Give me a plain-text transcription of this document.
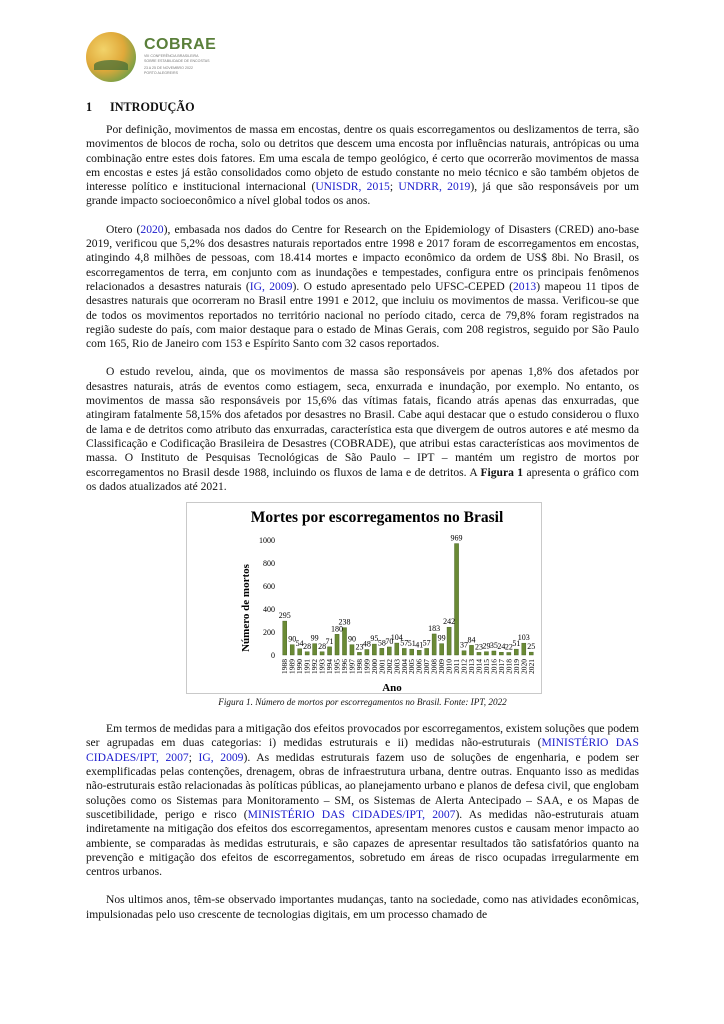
COBRAE
VIII CONFERÊNCIA BRASILEIRA
SOBRE ESTABILIDADE DE ENCOSTAS
23 A 25 DE NOVEMBRO 2022
PORTO ALEGRE/RS
1 INTRODUÇÃO

Por definição, movimentos de massa em encostas, dentre os quais escorregamentos ou deslizamentos de terra, são movimentos de blocos de rocha, solo ou detritos que descem uma encosta por influências naturais, antrópicas ou uma combinação entre estes dois fatores. Em uma escala de tempo geológico, é certo que ocorrerão movimentos de massa em encostas e estes já estão consolidados como objeto de estudo constante no meio técnico e são também objetos de interesse político e institucional internacional (UNISDR, 2015; UNDRR, 2019), já que são responsáveis por um grande impacto socioeconômico a nível global todos os anos.

Otero (2020), embasada nos dados do Centre for Research on the Epidemiology of Disasters (CRED) ano-base 2019, verificou que 5,2% dos desastres naturais reportados entre 1998 e 2017 foram de escorregamentos em encostas, atingindo 4,8 milhões de pessoas, com 18.414 mortes e impacto econômico da ordem de US$ 8bi. No Brasil, os escorregamentos de terra, em conjunto com as inundações e tempestades, configura entre os principais fenômenos relacionados a desastres naturais (IG, 2009). O estudo apresentado pelo UFSC-CEPED (2013) mapeou 11 tipos de desastres naturais que ocorreram no Brasil entre 1991 e 2012, que incluiu os movimentos de massa. Verificou-se que de todos os movimentos reportados no território nacional no período citado, cerca de 79,8% foram registrados na região sudeste do país, com maior destaque para o estado de Minas Gerais, com 208 registros, seguido por São Paulo com 165, Rio de Janeiro com 153 e Espírito Santo com 32 casos reportados.

O estudo revelou, ainda, que os movimentos de massa são responsáveis por apenas 1,8% dos afetados por desastres naturais, atrás de eventos como estiagem, seca, enxurrada e inundação, por exemplo. No entanto, os movimentos de massa são responsáveis por 15,6% das vítimas fatais, ficando atrás apenas das enxurradas, que atingiram fatalmente 58,15% dos afetados por desastres no Brasil. Cabe aqui destacar que o estudo considerou o fluxo de lama e de detritos como atributo das enxurradas, característica esta que divergem de outros autores e até mesmo da Classificação e Codificação Brasileira de Desastres (COBRADE), que atribui estas características aos movimentos de massa. O Instituto de Pesquisas Tecnológicas de São Paulo – IPT – mantém um registro de mortos por escorregamentos no Brasil desde 1988, incluindo os fluxos de lama e de detritos. A Figura 1 apresenta o gráfico com os dados atualizados até 2021.

Mortes por escorregamentos no Brasil
Número de mortos
Ano
0
200
400
600
800
1000
295
90 54 28
99
28
71
180
238
90
23 48
95 58 70
104
57 51 41 57
183
99
242
969
37
84
23 29 35 24 22 51
103
25
1988
1989
1990
1991
1992
1993
1994
1995
1996
1997
1998
1999
2000
2001
2002
2003
2004
2005
2006
2007
2008
2009
2010
2011
2012
2013
2014
2015
2016
2017
2018
2019
2020
2021

Figura 1. Número de mortos por escorregamentos no Brasil. Fonte: IPT, 2022

Em termos de medidas para a mitigação dos efeitos provocados por escorregamentos, existem soluções que podem ser agrupadas em duas categorias: i) medidas estruturais e ii) medidas não-estruturais (MINISTÉRIO DAS CIDADES/IPT, 2007; IG, 2009). As medidas estruturais fazem uso de soluções de engenharia, e podem ser exemplificadas pelas contenções, drenagem, obras de infraestrutura urbana, dentre outras. Enquanto isso as medidas não-estruturais estão relacionadas às políticas públicas, ao planejamento urbano e planos de defesa civil, que englobam soluções como os Sistemas para Monitoramento – SM, os Sistemas de Alerta Antecipado – SAA, e os Mapas de suscetibilidade, perigo e risco (MINISTÉRIO DAS CIDADES/IPT, 2007). As medidas não-estruturais atuam indiretamente na mitigação dos efeitos dos escorregamentos, apresentam menores custos e causam menor impacto ao ambiente, se comparadas às medidas estruturais, e são capazes de apresentar resultados tão satisfatórios quanto na prevenção e mitigação dos efeitos de escorregamentos, sobretudo em áreas de risco ocupadas irregularmente em centros urbanos.

Nos ultimos anos, têm-se observado importantes mudanças, tanto na sociedade, como nas atividades econômicas, impulsionadas pelo uso crescente de tecnologias digitais, em um processo chamado de
